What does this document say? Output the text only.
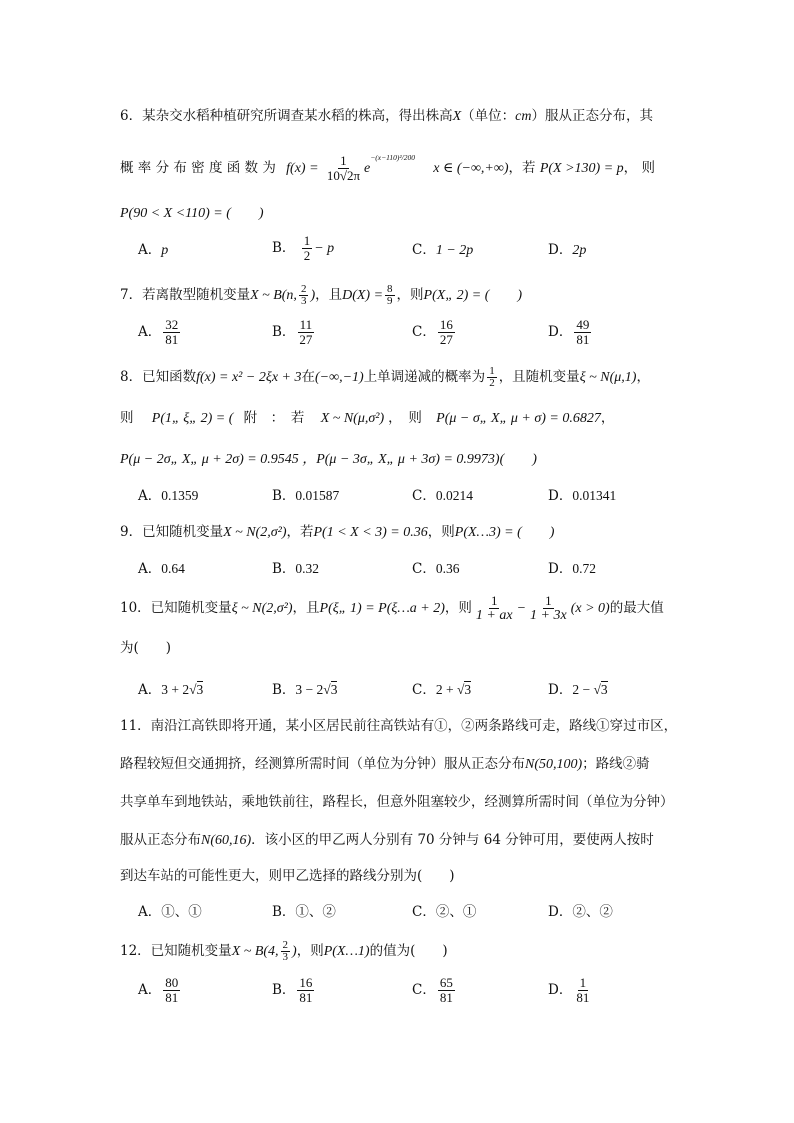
6．某杂交水稻种植研究所调查某水稻的株高，得出株高X（单位：cm）服从正态分布，其
概 率 分 布 密 度 函 数 为 $f(x) = \frac{1}{10√2\pi} e-(x-110)^2/200$ x ∈ (−∞,+∞)，若 P(X >130) = p， 则
P(90 < X <110) = (　　)
A．p	B． $\frac{1}{2} - p$	C．1 − 2p	D．2p
7．若离散型随机变量X ~ B(n, $\frac{2}{3}$ )，且$D(X) = \frac{8}{9}$ ，则P(X„ 2) = (　　)
A． $\frac{32}{81}$	B． $\frac{11}{27}$	C． $\frac{16}{27}$	D． $\frac{49}{81}$
8．已知函数f(x) = x² − 2ξx + 3在(−∞,−1)上单调递减的概率为 $\frac{1}{2}$ ，且随机变量ξ ~ N(μ,1)，
则 P(1„ ξ„ 2) = ( 附　：　若 X ~ N(μ,σ²) ，　则 P(μ − σ„ X„ μ + σ) = 0.6827，
P(μ − 2σ„ X„ μ + 2σ) = 0.9545 ，P(μ − 3σ„ X„ μ + 3σ) = 0.9973)(　　)
A．0.1359	B．0.01587	C．0.0214	D．0.01341
9．已知随机变量X ~ N(2,σ²)，若P(1 < X < 3) = 0.36，则P(X…3) = (　　)
A．0.64	B．0.32	C．0.36	D．0.72
10．已知随机变量ξ ~ N(2,σ²)，且P(ξ„ 1) = P(ξ…a + 2)，则 $\frac{1}{1 + ax} - \frac{1}{1 + 3x} (x > 0)$的最大值
为(　　)
A．3 + 2√3	B．3 − 2√3	C．2 + √3	D．2 − √3
11．南沿江高铁即将开通，某小区居民前往高铁站有①，②两条路线可走，路线①穿过市区，
路程较短但交通拥挤，经测算所需时间（单位为分钟）服从正态分布N(50,100)；路线②骑
共享单车到地铁站，乘地铁前往，路程长，但意外阻塞较少，经测算所需时间（单位为分钟）
服从正态分布N(60,16)．该小区的甲乙两人分别有 70 分钟与 64 分钟可用，要使两人按时
到达车站的可能性更大，则甲乙选择的路线分别为(　　)
A．①、①	B．①、②	C．②、①	D．②、②
12．已知随机变量X ~ B(4, $\frac{2}{3}$ )，则P(X…1)的值为(　　)
A． $\frac{80}{81}$	B． $\frac{16}{81}$	C． $\frac{65}{81}$	D． $\frac{1}{81}$
